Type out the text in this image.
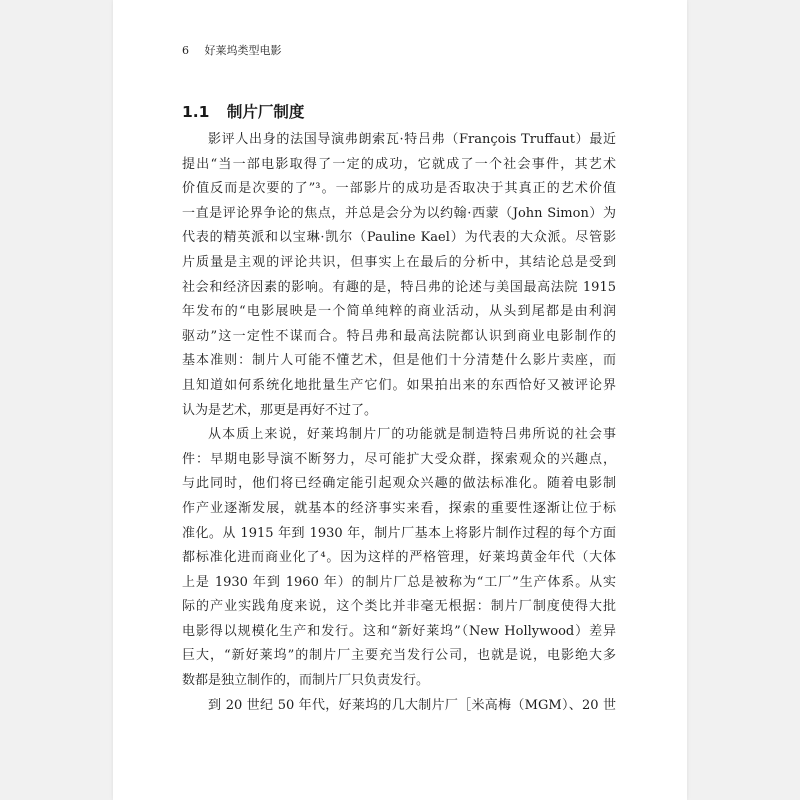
6 好莱坞类型电影
1.1 制片厂制度
影评人出身的法国导演弗朗索瓦·特吕弗（François Truffaut）最近
提出“当一部电影取得了一定的成功，它就成了一个社会事件，其艺术
价值反而是次要的了”³。一部影片的成功是否取决于其真正的艺术价值
一直是评论界争论的焦点，并总是会分为以约翰·西蒙（John Simon）为
代表的精英派和以宝琳·凯尔（Pauline Kael）为代表的大众派。尽管影
片质量是主观的评论共识，但事实上在最后的分析中，其结论总是受到
社会和经济因素的影响。有趣的是，特吕弗的论述与美国最高法院 1915
年发布的“电影展映是一个简单纯粹的商业活动，从头到尾都是由利润
驱动”这一定性不谋而合。特吕弗和最高法院都认识到商业电影制作的
基本准则：制片人可能不懂艺术，但是他们十分清楚什么影片卖座，而
且知道如何系统化地批量生产它们。如果拍出来的东西恰好又被评论界
认为是艺术，那更是再好不过了。
从本质上来说，好莱坞制片厂的功能就是制造特吕弗所说的社会事
件：早期电影导演不断努力，尽可能扩大受众群，探索观众的兴趣点，
与此同时，他们将已经确定能引起观众兴趣的做法标准化。随着电影制
作产业逐渐发展，就基本的经济事实来看，探索的重要性逐渐让位于标
准化。从 1915 年到 1930 年，制片厂基本上将影片制作过程的每个方面
都标准化进而商业化了⁴。因为这样的严格管理，好莱坞黄金年代（大体
上是 1930 年到 1960 年）的制片厂总是被称为“工厂”生产体系。从实
际的产业实践角度来说，这个类比并非毫无根据：制片厂制度使得大批
电影得以规模化生产和发行。这和“新好莱坞”（New Hollywood）差异
巨大，“新好莱坞”的制片厂主要充当发行公司，也就是说，电影绝大多
数都是独立制作的，而制片厂只负责发行。
到 20 世纪 50 年代，好莱坞的几大制片厂［米高梅（MGM）、20 世
